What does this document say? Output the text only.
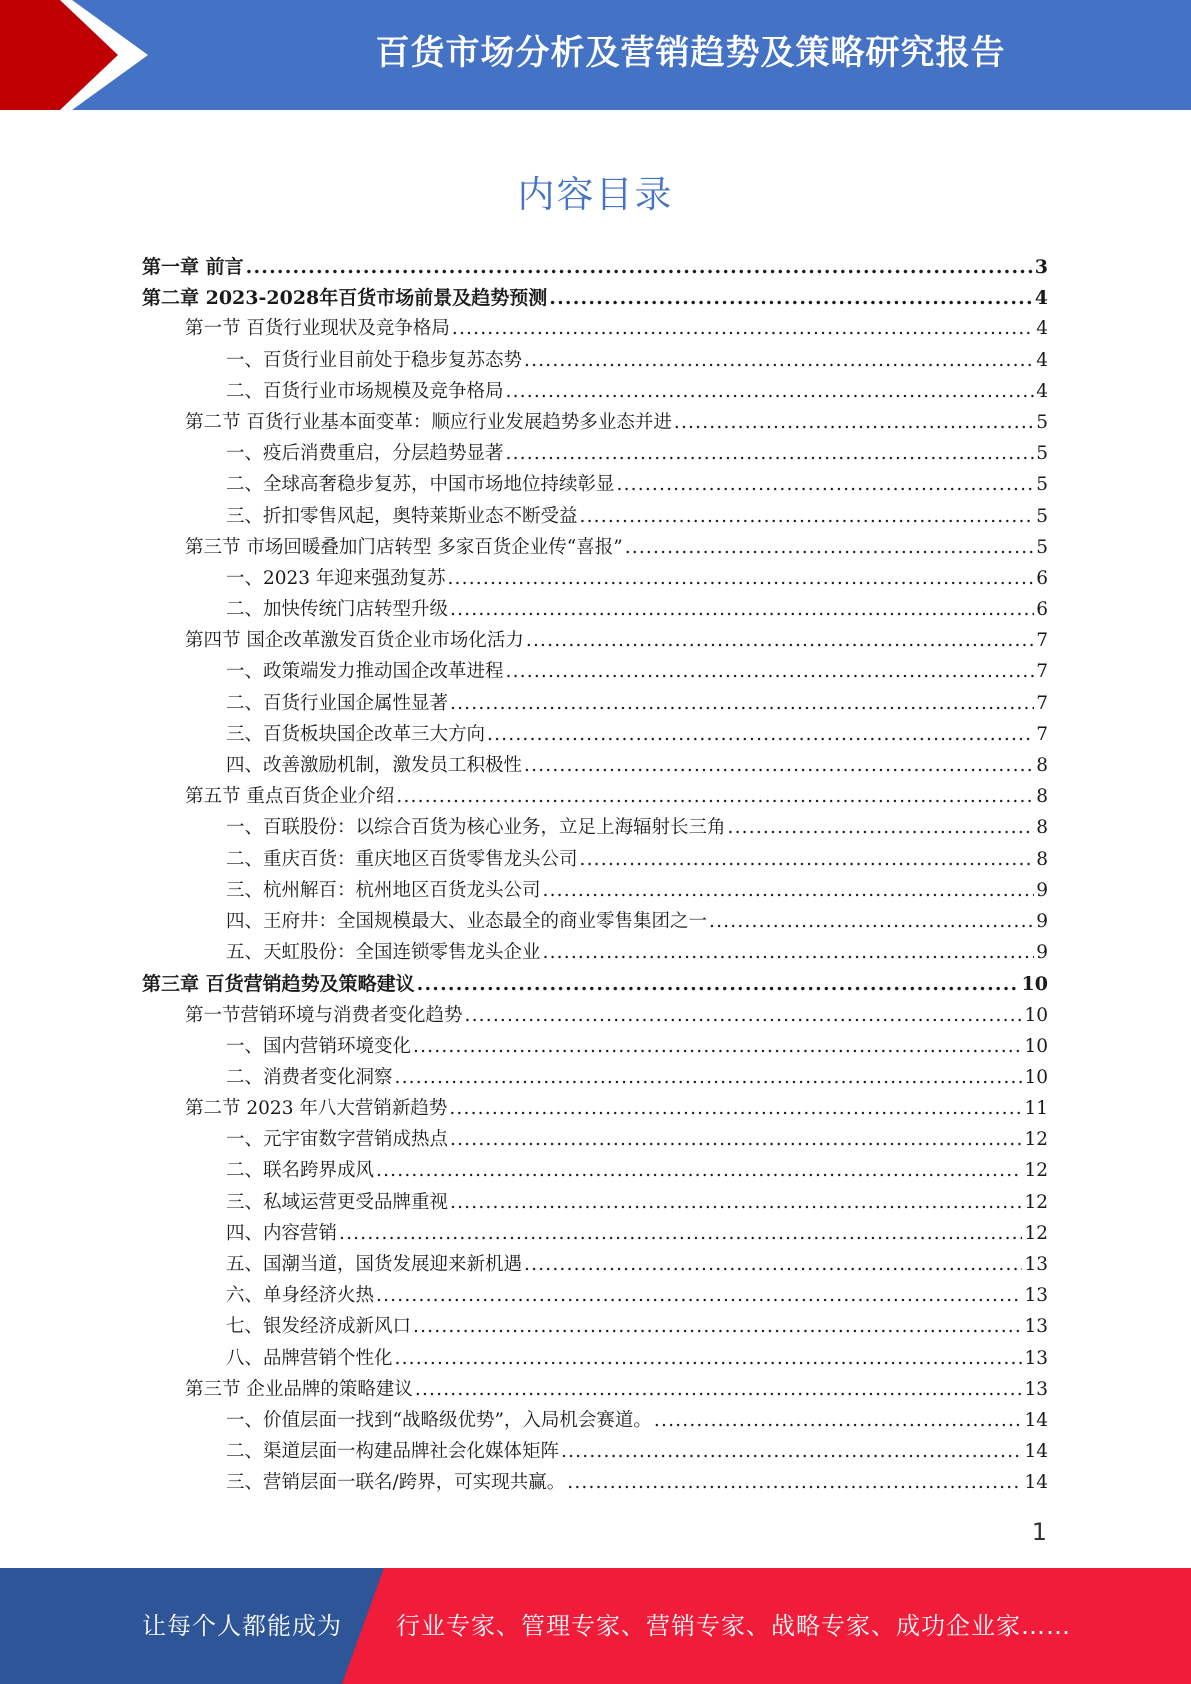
百货市场分析及营销趋势及策略研究报告
内容目录
第一章 前言 .....	3
第二章 2023-2028年百货市场前景及趋势预测 .....	4
第一节 百货行业现状及竞争格局 .....	4
一、百货行业目前处于稳步复苏态势 .....	4
二、百货行业市场规模及竞争格局 .....	4
第二节 百货行业基本面变革：顺应行业发展趋势多业态并进 .....	5
一、疫后消费重启，分层趋势显著 .....	5
二、全球高奢稳步复苏，中国市场地位持续彰显 .....	5
三、折扣零售风起，奥特莱斯业态不断受益 .....	5
第三节 市场回暖叠加门店转型 多家百货企业传“喜报” .....	5
一、2023 年迎来强劲复苏 .....	6
二、加快传统门店转型升级 .....	6
第四节 国企改革激发百货企业市场化活力 .....	7
一、政策端发力推动国企改革进程 .....	7
二、百货行业国企属性显著 .....	7
三、百货板块国企改革三大方向 .....	7
四、改善激励机制，激发员工积极性 .....	8
第五节 重点百货企业介绍 .....	8
一、百联股份：以综合百货为核心业务，立足上海辐射长三角 .....	8
二、重庆百货：重庆地区百货零售龙头公司 .....	8
三、杭州解百：杭州地区百货龙头公司 .....	9
四、王府井：全国规模最大、业态最全的商业零售集团之一 .....	9
五、天虹股份：全国连锁零售龙头企业 .....	9
第三章 百货营销趋势及策略建议 .....	10
第一节营销环境与消费者变化趋势 .....	10
一、国内营销环境变化 .....	10
二、消费者变化洞察 .....	10
第二节 2023 年八大营销新趋势 .....	11
一、元宇宙数字营销成热点 .....	12
二、联名跨界成风 .....	12
三、私域运营更受品牌重视 .....	12
四、内容营销 .....	12
五、国潮当道，国货发展迎来新机遇 .....	13
六、单身经济火热 .....	13
七、银发经济成新风口 .....	13
八、品牌营销个性化 .....	13
第三节 企业品牌的策略建议 .....	13
一、价值层面一找到“战略级优势”，入局机会赛道。 .....	14
二、渠道层面一构建品牌社会化媒体矩阵 .....	14
三、营销层面一联名/跨界，可实现共赢。 .....	14
1
让每个人都能成为 行业专家、管理专家、营销专家、战略专家、成功企业家……
